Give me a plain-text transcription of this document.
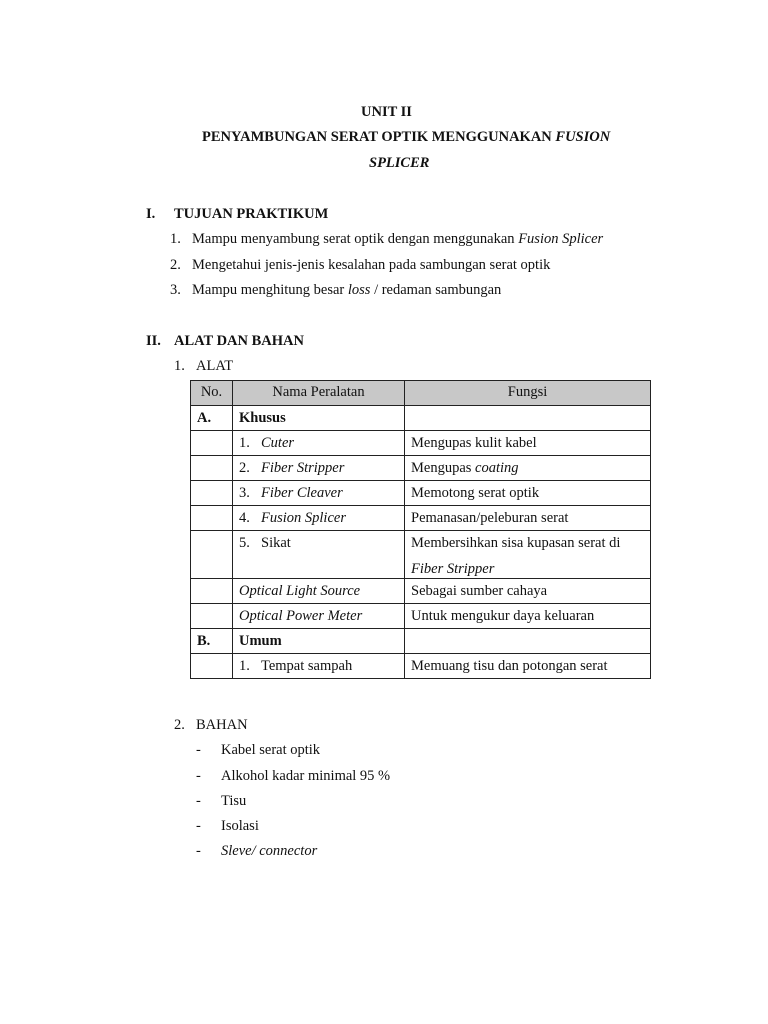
UNIT II
PENYAMBUNGAN SERAT OPTIK MENGGUNAKAN FUSION
SPLICER
I. TUJUAN PRAKTIKUM
1. Mampu menyambung serat optik dengan menggunakan Fusion Splicer
2. Mengetahui jenis-jenis kesalahan pada sambungan serat optik
3. Mampu menghitung besar loss / redaman sambungan
II. ALAT DAN BAHAN
1. ALAT
No.	Nama Peralatan	Fungsi
A.	Khusus	
	1. Cuter	Mengupas kulit kabel
	2. Fiber Stripper	Mengupas coating
	3. Fiber Cleaver	Memotong serat optik
	4. Fusion Splicer	Pemanasan/peleburan serat
	5. Sikat	Membersihkan sisa kupasan serat di
Fiber Stripper

	Optical Light Source	Sebagai sumber cahaya
	Optical Power Meter	Untuk mengukur daya keluaran
B.	Umum	
	1. Tempat sampah	Memuang tisu dan potongan serat
2. BAHAN
- Kabel serat optik
- Alkohol kadar minimal 95 %
- Tisu
- Isolasi
- Sleve/ connector
